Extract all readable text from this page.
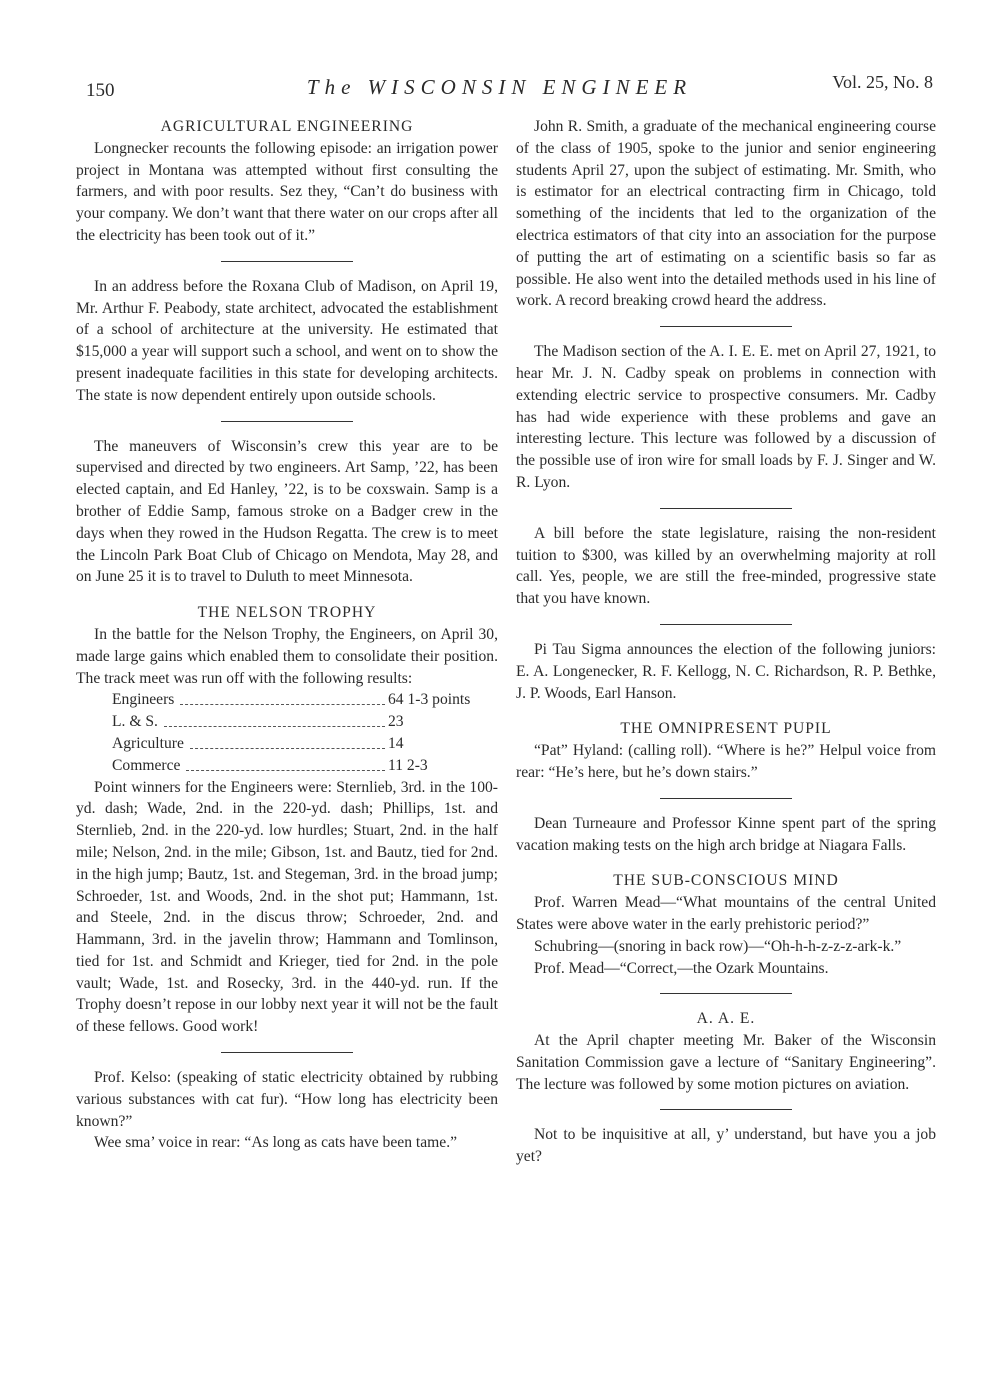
150	The WISCONSIN ENGINEER	Vol. 25, No. 8

AGRICULTURAL ENGINEERING

Longnecker recounts the following episode: an irrigation power project in Montana was attempted without first consulting the farmers, and with poor results. Sez they, “Can’t do business with your company. We don’t want that there water on our crops after all the electricity has been took out of it.”

In an address before the Roxana Club of Madison, on April 19, Mr. Arthur F. Peabody, state architect, advocated the establishment of a school of architecture at the university. He estimated that $15,000 a year will support such a school, and went on to show the present inadequate facilities in this state for developing architects. The state is now dependent entirely upon outside schools.

The maneuvers of Wisconsin’s crew this year are to be supervised and directed by two engineers. Art Samp, ’22, has been elected captain, and Ed Hanley, ’22, is to be coxswain. Samp is a brother of Eddie Samp, famous stroke on a Badger crew in the days when they rowed in the Hudson Regatta. The crew is to meet the Lincoln Park Boat Club of Chicago on Mendota, May 28, and on June 25 it is to travel to Duluth to meet Minnesota.

THE NELSON TROPHY

In the battle for the Nelson Trophy, the Engineers, on April 30, made large gains which enabled them to consolidate their position. The track meet was run off with the following results:

Engineers	64 1-3 points
L. & S.	23
Agriculture	14
Commerce	11 2-3

Point winners for the Engineers were: Sternlieb, 3rd. in the 100-yd. dash; Wade, 2nd. in the 220-yd. dash; Phillips, 1st. and Sternlieb, 2nd. in the 220-yd. low hurdles; Stuart, 2nd. in the half mile; Nelson, 2nd. in the mile; Gibson, 1st. and Bautz, tied for 2nd. in the high jump; Bautz, 1st. and Stegeman, 3rd. in the broad jump; Schroeder, 1st. and Woods, 2nd. in the shot put; Hammann, 1st. and Steele, 2nd. in the discus throw; Schroeder, 2nd. and Hammann, 3rd. in the javelin throw; Hammann and Tomlinson, tied for 1st. and Schmidt and Krieger, tied for 2nd. in the pole vault; Wade, 1st. and Rosecky, 3rd. in the 440-yd. run. If the Trophy doesn’t repose in our lobby next year it will not be the fault of these fellows. Good work!

Prof. Kelso: (speaking of static electricity obtained by rubbing various substances with cat fur). “How long has electricity been known?”

Wee sma’ voice in rear: “As long as cats have been tame.”

John R. Smith, a graduate of the mechanical engineering course of the class of 1905, spoke to the junior and senior engineering students April 27, upon the subject of estimating. Mr. Smith, who is estimator for an electrical contracting firm in Chicago, told something of the incidents that led to the organization of the electrica estimators of that city into an association for the purpose of putting the art of estimating on a scientific basis so far as possible. He also went into the detailed methods used in his line of work. A record breaking crowd heard the address.

The Madison section of the A. I. E. E. met on April 27, 1921, to hear Mr. J. N. Cadby speak on problems in connection with extending electric service to prospective consumers. Mr. Cadby has had wide experience with these problems and gave an interesting lecture. This lecture was followed by a discussion of the possible use of iron wire for small loads by F. J. Singer and W. R. Lyon.

A bill before the state legislature, raising the non-resident tuition to $300, was killed by an overwhelming majority at roll call. Yes, people, we are still the free-minded, progressive state that you have known.

Pi Tau Sigma announces the election of the following juniors: E. A. Longenecker, R. F. Kellogg, N. C. Richardson, R. P. Bethke, J. P. Woods, Earl Hanson.

THE OMNIPRESENT PUPIL

“Pat” Hyland: (calling roll). “Where is he?” Helpul voice from rear: “He’s here, but he’s down stairs.”

Dean Turneaure and Professor Kinne spent part of the spring vacation making tests on the high arch bridge at Niagara Falls.

THE SUB-CONSCIOUS MIND

Prof. Warren Mead—“What mountains of the central United States were above water in the early prehistoric period?”

Schubring—(snoring in back row)—“Oh-h-h-z-z-z-ark-k.”

Prof. Mead—“Correct,—the Ozark Mountains.

A. A. E.

At the April chapter meeting Mr. Baker of the Wisconsin Sanitation Commission gave a lecture of “Sanitary Engineering”. The lecture was followed by some motion pictures on aviation.

Not to be inquisitive at all, y’ understand, but have you a job yet?
